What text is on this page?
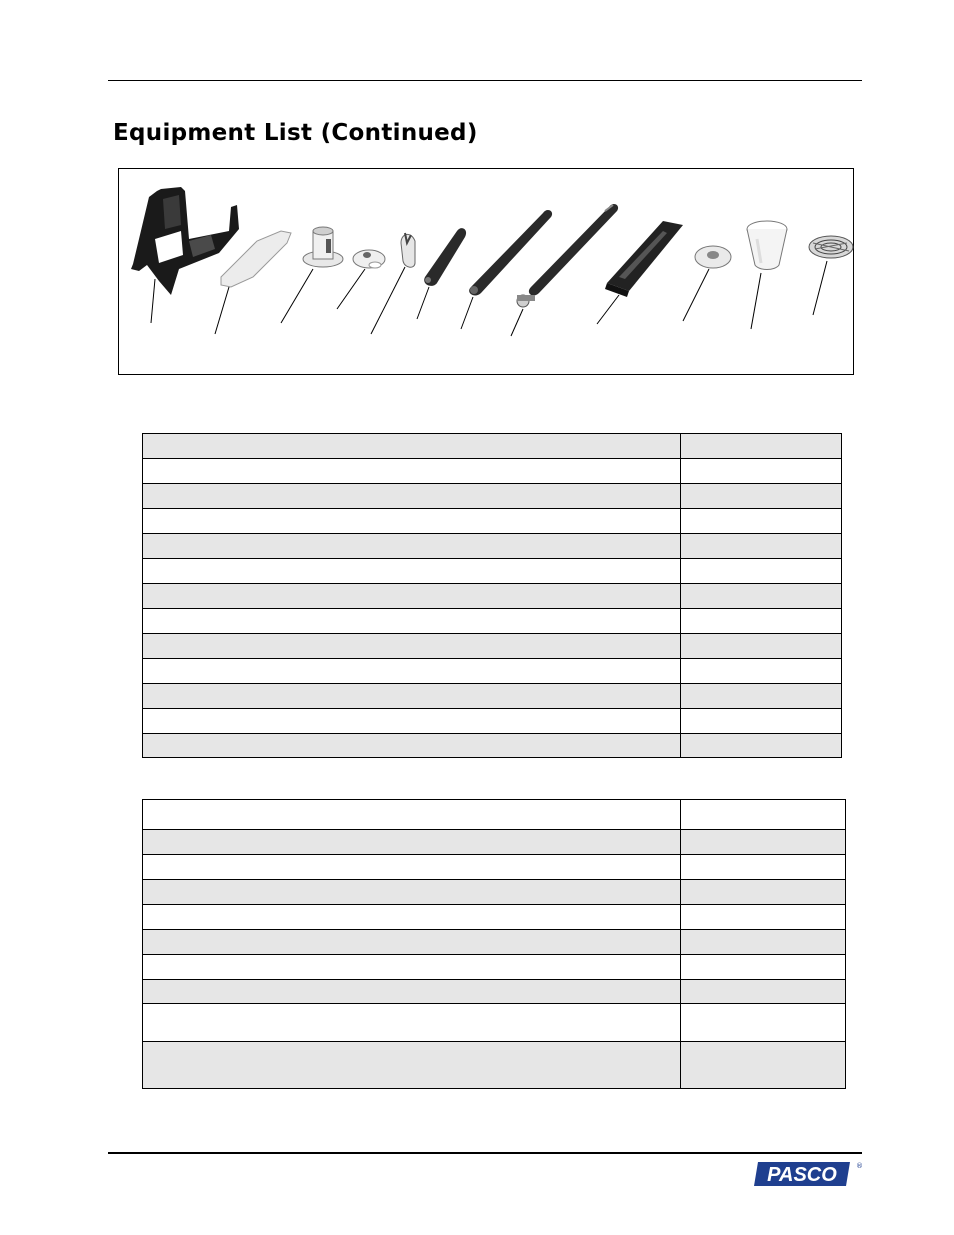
Equipment List (Continued)

PASCO	®
